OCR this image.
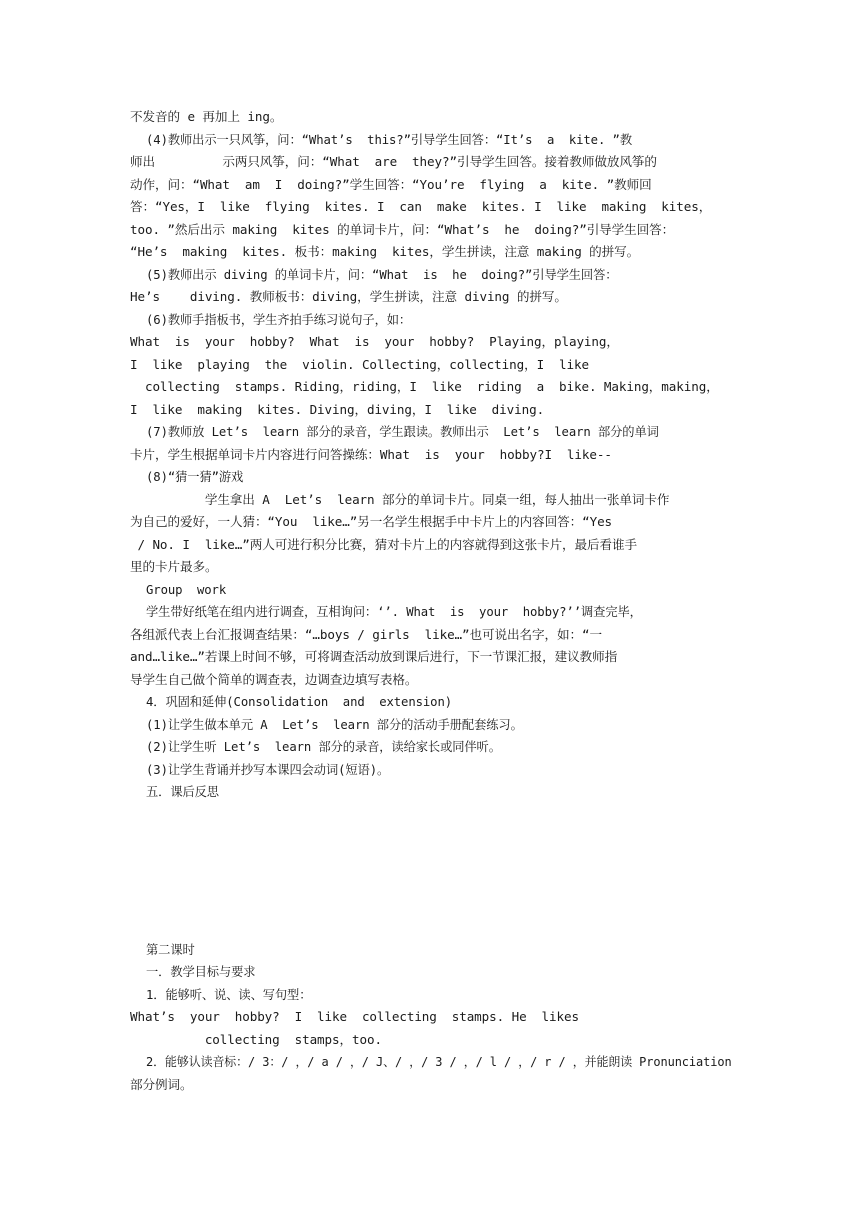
不发音的 e 再加上 ing。
(4)教师出示一只风筝，问：“What’s  this?”引导学生回答：“It’s  a  kite. ”教
师出         示两只风筝，问：“What  are  they?”引导学生回答。接着教师做放风筝的
动作，问：“What  am  I  doing?”学生回答：“You’re  flying  a  kite. ”教师回
答：“Yes，I  like  flying  kites. I  can  make  kites. I  like  making  kites，
too. ”然后出示 making  kites 的单词卡片，问：“What’s  he  doing?”引导学生回答：
“He’s  making  kites. 板书：making  kites，学生拼读，注意 making 的拼写。
(5)教师出示 diving 的单词卡片，问：“What  is  he  doing?”引导学生回答：
He’s    diving. 教师板书：diving，学生拼读，注意 diving 的拼写。
(6)教师手指板书，学生齐拍手练习说句子，如：
What  is  your  hobby?  What  is  your  hobby?  Playing，playing，
I  like  playing  the  violin. Collecting，collecting，I  like
collecting  stamps. Riding，riding，I  like  riding  a  bike. Making，making，
I  like  making  kites. Diving，diving，I  like  diving.
(7)教师放 Let’s  learn 部分的录音，学生跟读。教师出示  Let’s  learn 部分的单词
卡片，学生根据单词卡片内容进行问答操练：What  is  your  hobby?I  like--
(8)“猜一猜”游戏
学生拿出 A  Let’s  learn 部分的单词卡片。同桌一组，每人抽出一张单词卡作
为自己的爱好，一人猜：“You  like…”另一名学生根据手中卡片上的内容回答：“Yes
/ No. I  like…”两人可进行积分比赛，猜对卡片上的内容就得到这张卡片，最后看谁手
里的卡片最多。
Group  work
学生带好纸笔在组内进行调查，互相询问：‘’. What  is  your  hobby?’’调查完毕，
各组派代表上台汇报调查结果：“…boys / girls  like…”也可说出名字，如：“一
and…like…”若课上时间不够，可将调查活动放到课后进行，下一节课汇报，建议教师指
导学生自己做个简单的调查表，边调查边填写表格。
4．巩固和延伸(Consolidation  and  extension)
(1)让学生做本单元 A  Let’s  learn 部分的活动手册配套练习。
(2)让学生听 Let’s  learn 部分的录音，读给家长或同伴听。
(3)让学生背诵并抄写本课四会动词(短语)。
五．课后反思
第二课时
一．教学目标与要求
1．能够听、说、读、写句型：
What’s  your  hobby?  I  like  collecting  stamps. He  likes
collecting  stamps，too.
2．能够认读音标：/ 3：/ ，/ a / ，/ J、/ ，/ 3 / ，/ l / ，/ r / ，并能朗读 Pronunciation
部分例词。
